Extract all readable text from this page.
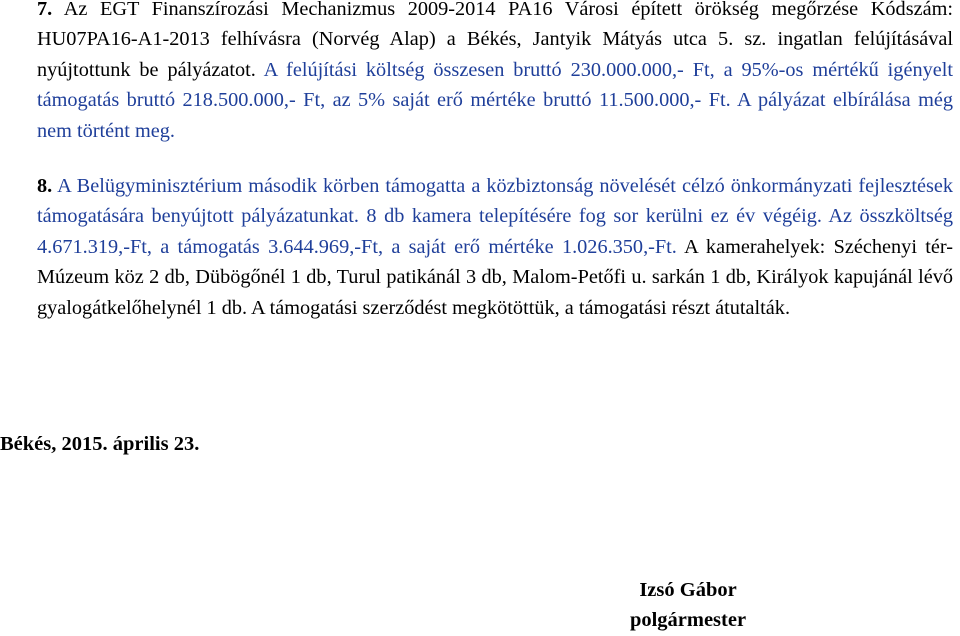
7. Az EGT Finanszírozási Mechanizmus 2009-2014 PA16 Városi épített örökség megőrzése Kódszám: HU07PA16-A1-2013 felhívásra (Norvég Alap) a Békés, Jantyik Mátyás utca 5. sz. ingatlan felújításával nyújtottunk be pályázatot. A felújítási költség összesen bruttó 230.000.000,- Ft, a 95%-os mértékű igényelt támogatás bruttó 218.500.000,- Ft, az 5% saját erő mértéke bruttó 11.500.000,- Ft. A pályázat elbírálása még nem történt meg.

8. A Belügyminisztérium második körben támogatta a közbiztonság növelését célzó önkormányzati fejlesztések támogatására benyújtott pályázatunkat. 8 db kamera telepítésére fog sor kerülni ez év végéig. Az összköltség 4.671.319,-Ft, a támogatás 3.644.969,-Ft, a saját erő mértéke 1.026.350,-Ft. A kamerahelyek: Széchenyi tér-Múzeum köz 2 db, Dübögőnél 1 db, Turul patikánál 3 db, Malom-Petőfi u. sarkán 1 db, Királyok kapujánál lévő gyalogátkelőhelynél 1 db. A támogatási szerződést megkötöttük, a támogatási részt átutalták.

Békés, 2015. április 23.

Izsó Gábor
polgármester
